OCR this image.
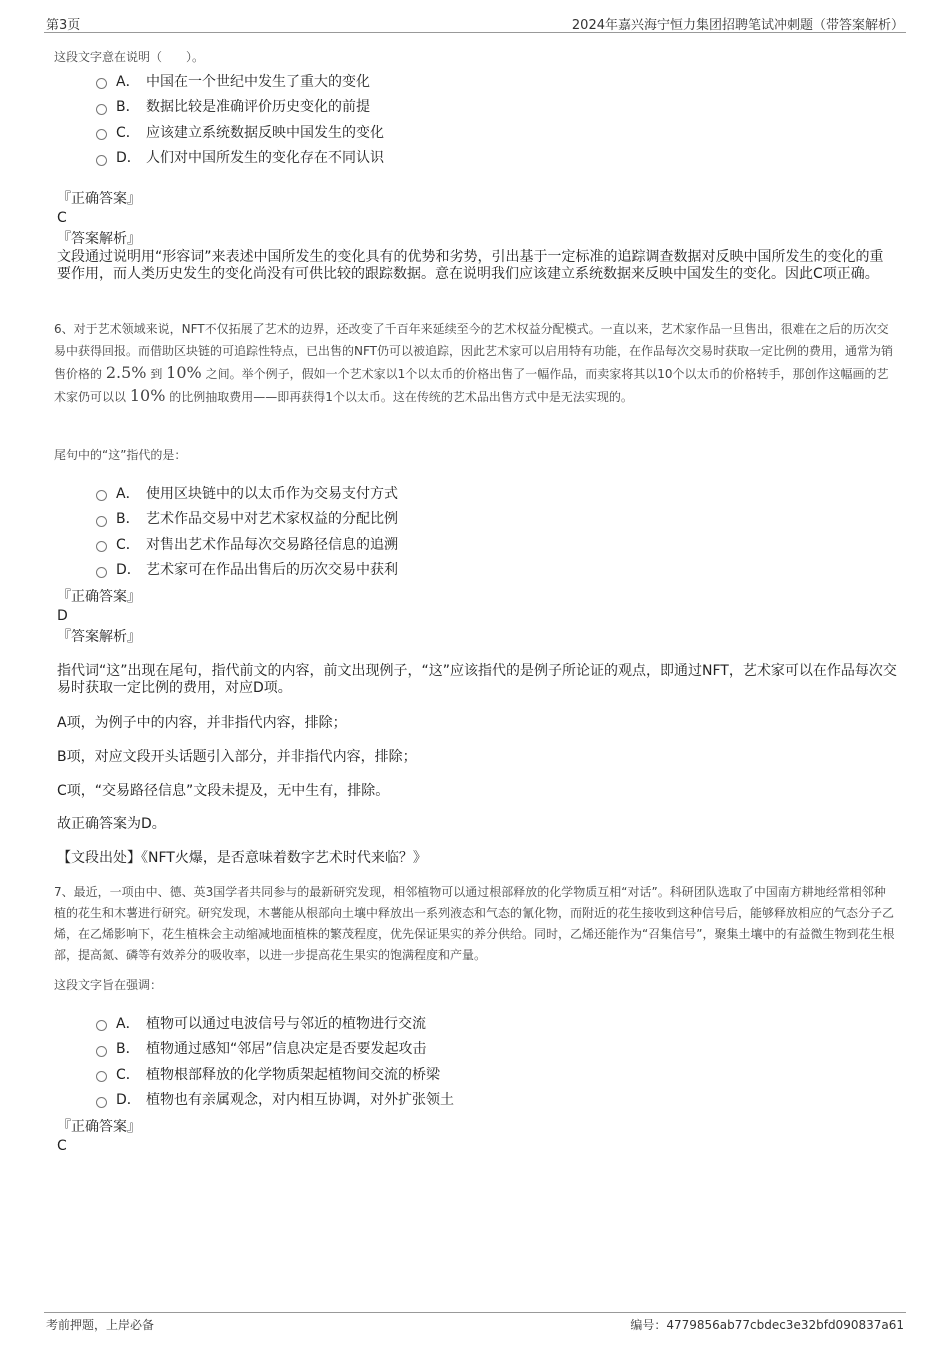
第3页	2024年嘉兴海宁恒力集团招聘笔试冲刺题（带答案解析）
这段文字意在说明（　　）。
A． 中国在一个世纪中发生了重大的变化
B． 数据比较是准确评价历史变化的前提
C． 应该建立系统数据反映中国发生的变化
D． 人们对中国所发生的变化存在不同认识
『正确答案』
C
『答案解析』
文段通过说明用“形容词”来表述中国所发生的变化具有的优势和劣势，引出基于一定标准的追踪调查数据对反映中国所发生的变化的重要作用，而人类历史发生的变化尚没有可供比较的跟踪数据。意在说明我们应该建立系统数据来反映中国发生的变化。因此C项正确。
6、对于艺术领域来说，NFT不仅拓展了艺术的边界，还改变了千百年来延续至今的艺术权益分配模式。一直以来，艺术家作品一旦售出，很难在之后的历次交易中获得回报。而借助区块链的可追踪性特点，已出售的NFT仍可以被追踪，因此艺术家可以启用特有功能，在作品每次交易时获取一定比例的费用，通常为销售价格的 2.5% 到 10% 之间。举个例子，假如一个艺术家以1个以太币的价格出售了一幅作品，而卖家将其以10个以太币的价格转手，那创作这幅画的艺术家仍可以以 10% 的比例抽取费用——即再获得1个以太币。这在传统的艺术品出售方式中是无法实现的。
尾句中的“这”指代的是：
A． 使用区块链中的以太币作为交易支付方式
B． 艺术作品交易中对艺术家权益的分配比例
C． 对售出艺术作品每次交易路径信息的追溯
D． 艺术家可在作品出售后的历次交易中获利
『正确答案』
D
『答案解析』
指代词“这”出现在尾句，指代前文的内容，前文出现例子，“这”应该指代的是例子所论证的观点，即通过NFT，艺术家可以在作品每次交易时获取一定比例的费用，对应D项。
A项，为例子中的内容，并非指代内容，排除；
B项，对应文段开头话题引入部分，并非指代内容，排除；
C项，“交易路径信息”文段未提及，无中生有，排除。
故正确答案为D。
【文段出处】《NFT火爆，是否意味着数字艺术时代来临？》
7、最近，一项由中、德、英3国学者共同参与的最新研究发现，相邻植物可以通过根部释放的化学物质互相“对话”。科研团队选取了中国南方耕地经常相邻种植的花生和木薯进行研究。研究发现，木薯能从根部向土壤中释放出一系列液态和气态的氰化物，而附近的花生接收到这种信号后，能够释放相应的气态分子乙烯，在乙烯影响下，花生植株会主动缩减地面植株的繁茂程度，优先保证果实的养分供给。同时，乙烯还能作为“召集信号”，聚集土壤中的有益微生物到花生根部，提高氮、磷等有效养分的吸收率，以进一步提高花生果实的饱满程度和产量。
这段文字旨在强调：
A． 植物可以通过电波信号与邻近的植物进行交流
B． 植物通过感知“邻居”信息决定是否要发起攻击
C． 植物根部释放的化学物质架起植物间交流的桥梁
D． 植物也有亲属观念，对内相互协调，对外扩张领土
『正确答案』
C
考前押题，上岸必备	编号：4779856ab77cbdec3e32bfd090837a61
